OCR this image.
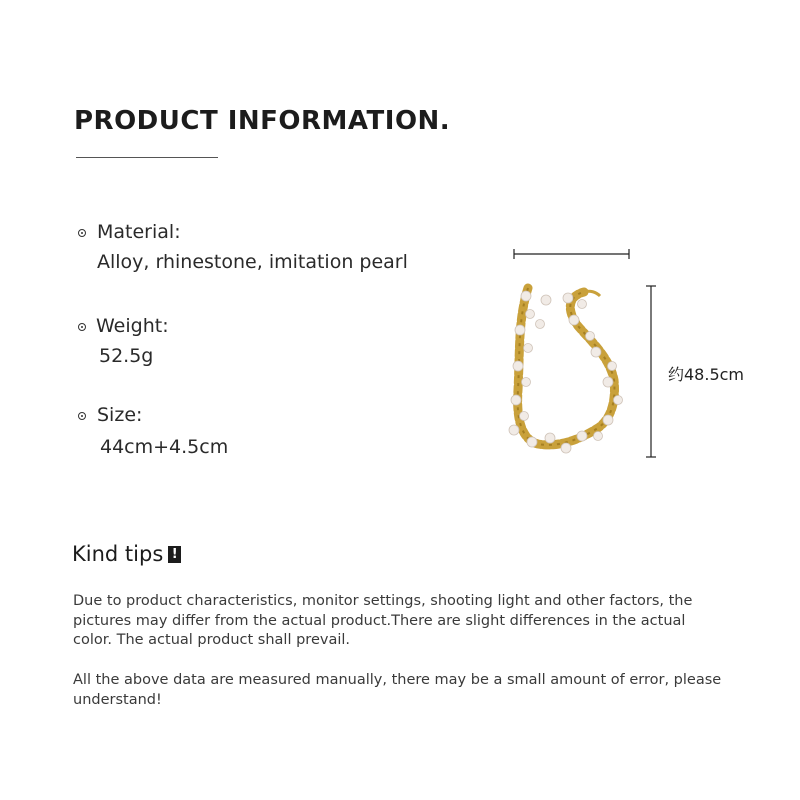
PRODUCT INFORMATION.
Material:
Alloy, rhinestone, imitation pearl
Weight:
52.5g
Size:
44cm+4.5cm
约48.5cm
Kind tips !
Due to product characteristics, monitor settings, shooting light and other factors, the pictures may differ from the actual product.There are slight differences in the actual color. The actual product shall prevail.
All the above data are measured manually, there may be a small amount of error, please understand!
